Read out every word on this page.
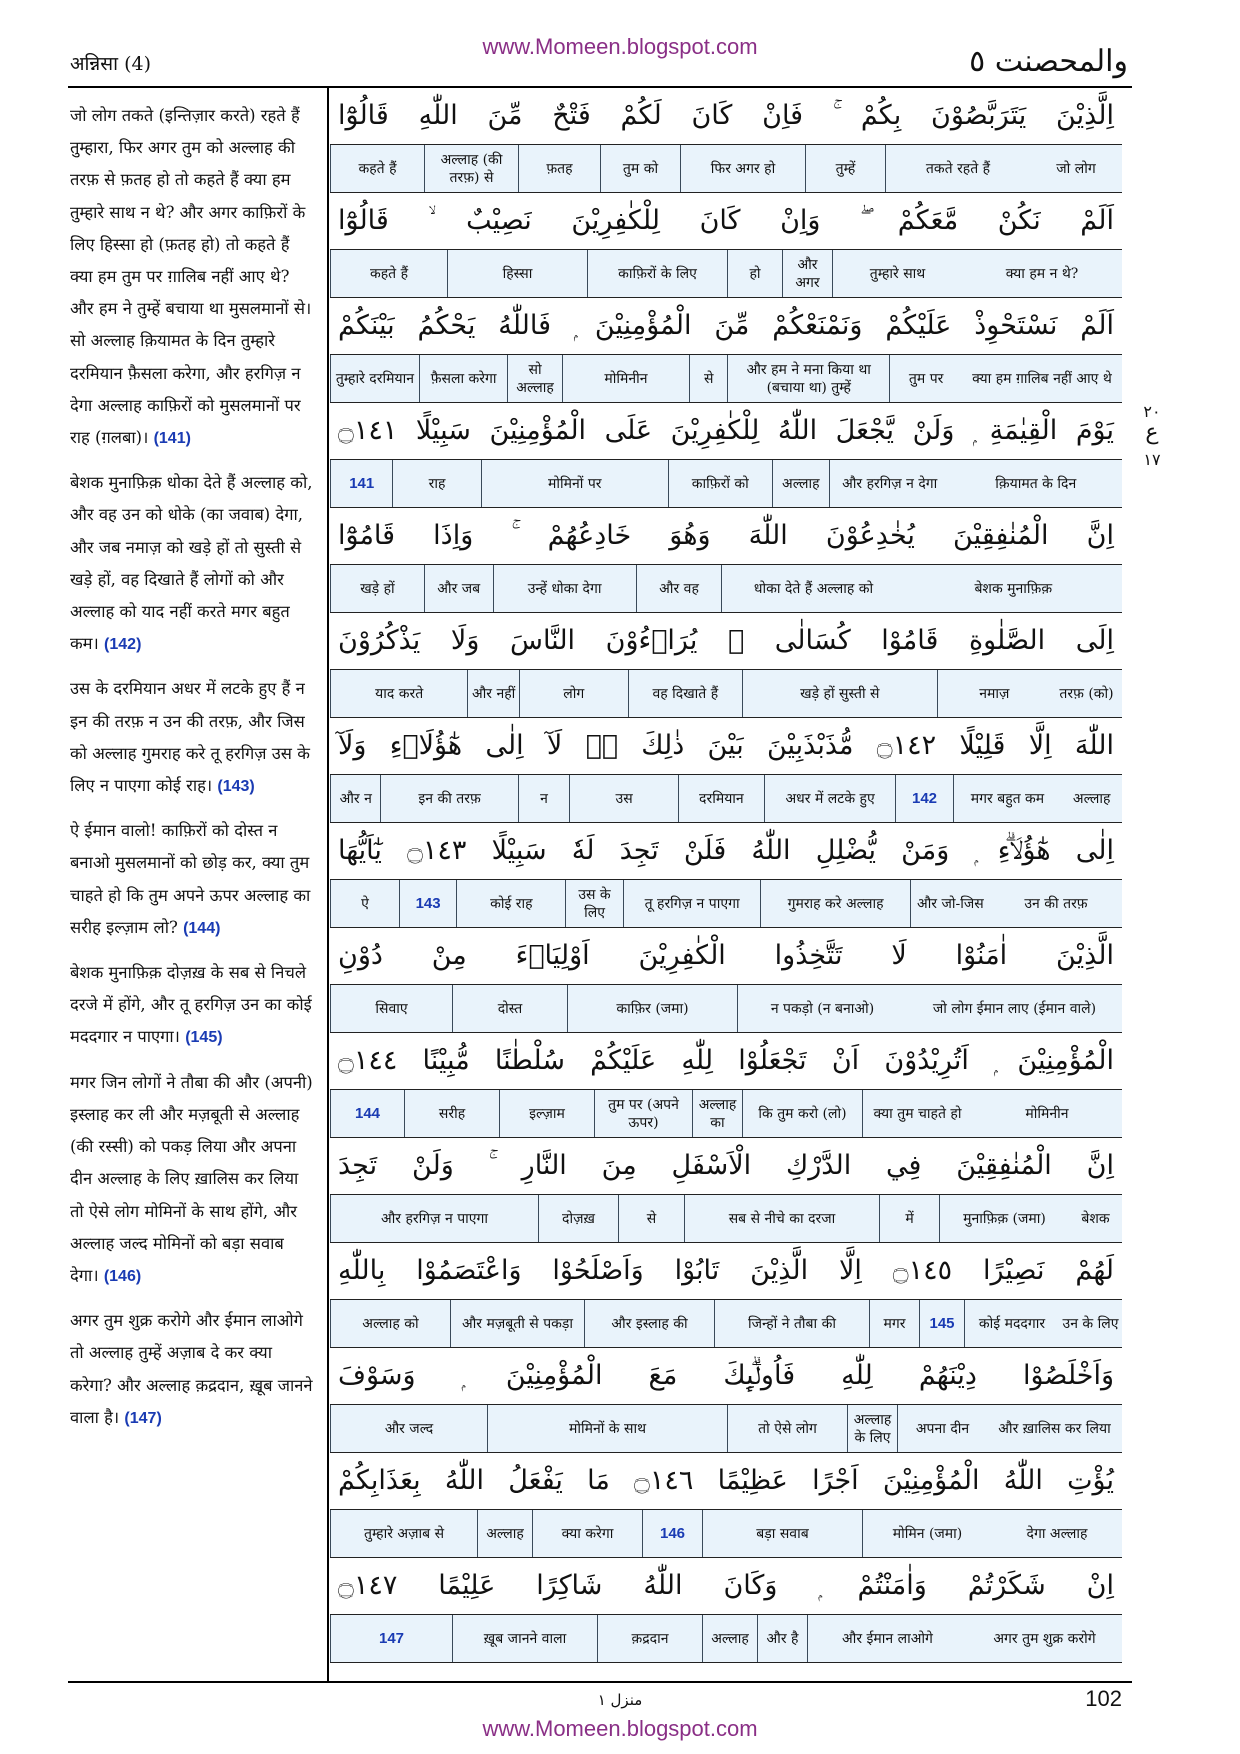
अन्निसा (4)
www.Momeen.blogspot.com	والمحصنت ٥
٢٠
ع
١٧

जो लोग तकते (इन्तिज़ार करते) रहते हैं तुम्हारा, फिर अगर तुम को अल्लाह की तरफ़ से फ़तह हो तो कहते हैं क्या हम तुम्हारे साथ न थे? और अगर काफ़िरों के लिए हिस्सा हो (फ़तह हो) तो कहते हैं क्या हम तुम पर ग़ालिब नहीं आए थे? और हम ने तुम्हें बचाया था मुसलमानों से। सो अल्लाह क़ियामत के दिन तुम्हारे दरमियान फ़ैसला करेगा, और हरगिज़ न देगा अल्लाह काफ़िरों को मुसलमानों पर राह (ग़लबा)। (141)

बेशक मुनाफ़िक़ धोका देते हैं अल्लाह को, और वह उन को धोके (का जवाब) देगा, और जब नमाज़ को खड़े हों तो सुस्ती से खड़े हों, वह दिखाते हैं लोगों को और अल्लाह को याद नहीं करते मगर बहुत कम। (142)

उस के दरमियान अधर में लटके हुए हैं न इन की तरफ़ न उन की तरफ़, और जिस को अल्लाह गुमराह करे तू हरगिज़ उस के लिए न पाएगा कोई राह। (143)

ऐ ईमान वालो! काफ़िरों को दोस्त न बनाओ मुसलमानों को छोड़ कर, क्या तुम चाहते हो कि तुम अपने ऊपर अल्लाह का सरीह इल्ज़ाम लो? (144)

बेशक मुनाफ़िक़ दोज़ख़ के सब से निचले दरजे में होंगे, और तू हरगिज़ उन का कोई मददगार न पाएगा। (145)

मगर जिन लोगों ने तौबा की और (अपनी) इस्लाह कर ली और मज़बूती से अल्लाह (की रस्सी) को पकड़ लिया और अपना दीन अल्लाह के लिए ख़ालिस कर लिया तो ऐसे लोग मोमिनों के साथ होंगे, और अल्लाह जल्द मोमिनों को बड़ा सवाब देगा। (146)

अगर तुम शुक्र करोगे और ईमान लाओगे तो अल्लाह तुम्हें अज़ाब दे कर क्या करेगा? और अल्लाह क़द्रदान, ख़ूब जानने वाला है। (147)

اِلَّذِيْنَ يَتَرَبَّصُوْنَ بِكُمْ ۚ فَاِنْ كَانَ لَكُمْ فَتْحٌ مِّنَ اللّٰهِ قَالُوْٓا
जो लोग
तकते रहते हैं
तुम्हें
फिर अगर हो
तुम को
फ़तह
अल्लाह (की तरफ़) से
कहते हैं
اَلَمْ نَكُنْ مَّعَكُمْ ۖ وَاِنْ كَانَ لِلْكٰفِرِيْنَ نَصِيْبٌ ۙ قَالُوْٓا
क्या हम न थे?
तुम्हारे साथ
और अगर
हो
काफ़िरों के लिए
हिस्सा
कहते हैं
اَلَمْ نَسْتَحْوِذْ عَلَيْكُمْ وَنَمْنَعْكُمْ مِّنَ الْمُؤْمِنِيْنَ ۭ فَاللّٰهُ يَحْكُمُ بَيْنَكُمْ
क्या हम ग़ालिब नहीं आए थे
तुम पर
और हम ने मना किया था (बचाया था) तुम्हें
से
मोमिनीन
सो अल्लाह
फ़ैसला करेगा
तुम्हारे दरमियान
يَوْمَ الْقِيٰمَةِ ۭ وَلَنْ يَّجْعَلَ اللّٰهُ لِلْكٰفِرِيْنَ عَلَى الْمُؤْمِنِيْنَ سَبِيْلًا ۝١٤١
क़ियामत के दिन
और हरगिज़ न देगा
अल्लाह
काफ़िरों को
मोमिनों पर
राह
141
اِنَّ الْمُنٰفِقِيْنَ يُخٰدِعُوْنَ اللّٰهَ وَهُوَ خَادِعُهُمْ ۚ وَاِذَا قَامُوْٓا
बेशक मुनाफ़िक़
धोका देते हैं अल्लाह को
और वह
उन्हें धोका देगा
और जब
खड़े हों
اِلَى الصَّلٰوةِ قَامُوْا كُسَالٰى ۙ يُرَاۗءُوْنَ النَّاسَ وَلَا يَذْكُرُوْنَ
तरफ़ (को)
नमाज़
खड़े हों सुस्ती से
वह दिखाते हैं
लोग
और नहीं
याद करते
اللّٰهَ اِلَّا قَلِيْلًا ۝١٤٢ مُّذَبْذَبِيْنَ بَيْنَ ذٰلِكَ ۤۖ لَآ اِلٰى هٰٓؤُلَاۗءِ وَلَآ
अल्लाह
मगर बहुत कम
142
अधर में लटके हुए
दरमियान
उस
न
इन की तरफ़
और न
اِلٰى هٰٓؤُلَاۗءِ ۭ وَمَنْ يُّضْلِلِ اللّٰهُ فَلَنْ تَجِدَ لَهٗ سَبِيْلًا ۝١٤٣ يٰٓاَيُّهَا
उन की तरफ़
और जो-जिस
गुमराह करे अल्लाह
तू हरगिज़ न पाएगा
उस के लिए
कोई राह
143
ऐ
الَّذِيْنَ اٰمَنُوْا لَا تَتَّخِذُوا الْكٰفِرِيْنَ اَوْلِيَاۗءَ مِنْ دُوْنِ
जो लोग ईमान लाए (ईमान वाले)
न पकड़ो (न बनाओ)
काफ़िर (जमा)
दोस्त
सिवाए
الْمُؤْمِنِيْنَ ۭ اَتُرِيْدُوْنَ اَنْ تَجْعَلُوْا لِلّٰهِ عَلَيْكُمْ سُلْطٰنًا مُّبِيْنًا ۝١٤٤
मोमिनीन
क्या तुम चाहते हो
कि तुम करो (लो)
अल्लाह का
तुम पर (अपने ऊपर)
इल्ज़ाम
सरीह
144
اِنَّ الْمُنٰفِقِيْنَ فِي الدَّرْكِ الْاَسْفَلِ مِنَ النَّارِ ۚ وَلَنْ تَجِدَ
बेशक
मुनाफ़िक़ (जमा)
में
सब से नीचे का दरजा
से
दोज़ख़
और हरगिज़ न पाएगा
لَهُمْ نَصِيْرًا ۝١٤٥ اِلَّا الَّذِيْنَ تَابُوْا وَاَصْلَحُوْا وَاعْتَصَمُوْا بِاللّٰهِ
उन के लिए
कोई मददगार
145
मगर
जिन्हों ने तौबा की
और इस्लाह की
और मज़बूती से पकड़ा
अल्लाह को
وَاَخْلَصُوْا دِيْنَهُمْ لِلّٰهِ فَاُولٰۗىِٕكَ مَعَ الْمُؤْمِنِيْنَ ۭ وَسَوْفَ
और ख़ालिस कर लिया
अपना दीन
अल्लाह के लिए
तो ऐसे लोग
मोमिनों के साथ
और जल्द
يُؤْتِ اللّٰهُ الْمُؤْمِنِيْنَ اَجْرًا عَظِيْمًا ۝١٤٦ مَا يَفْعَلُ اللّٰهُ بِعَذَابِكُمْ
देगा अल्लाह
मोमिन (जमा)
बड़ा सवाब
146
क्या करेगा
अल्लाह
तुम्हारे अज़ाब से
اِنْ شَكَرْتُمْ وَاٰمَنْتُمْ ۭ وَكَانَ اللّٰهُ شَاكِرًا عَلِيْمًا ۝١٤٧
अगर तुम शुक्र करोगे
और ईमान लाओगे
और है
अल्लाह
क़द्रदान
ख़ूब जानने वाला
147
منزل ١	102
www.Momeen.blogspot.com
